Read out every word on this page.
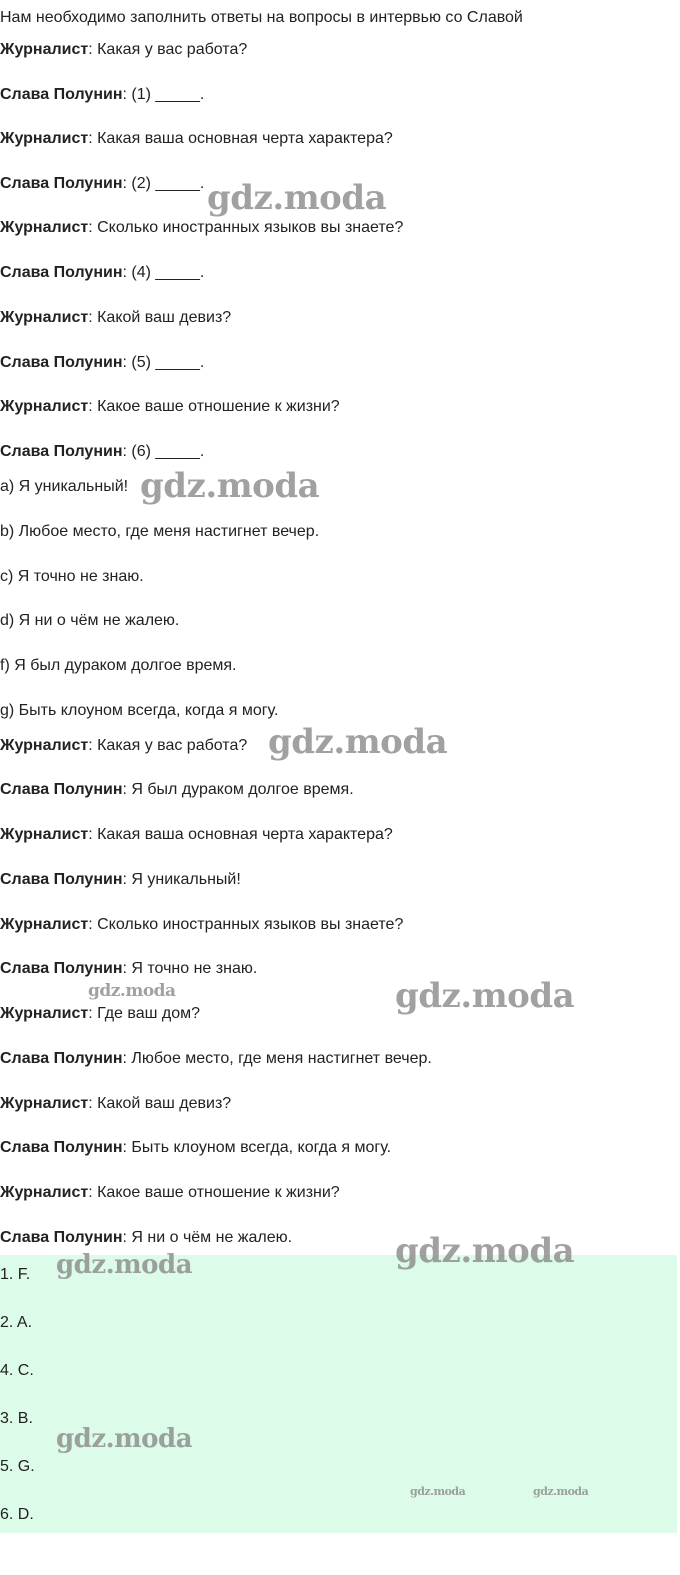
Нам необходимо заполнить ответы на вопросы в интервью со Славой
Журналист: Какая у вас работа?
Слава Полунин: (1) _____.
Журналист: Какая ваша основная черта характера?
Слава Полунин: (2) _____.
Журналист: Сколько иностранных языков вы знаете?
Слава Полунин: (4) _____.
Журналист: Какой ваш девиз?
Слава Полунин: (5) _____.
Журналист: Какое ваше отношение к жизни?
Слава Полунин: (6) _____.
a) Я уникальный!
b) Любое место, где меня настигнет вечер.
c) Я точно не знаю.
d) Я ни о чём не жалею.
f) Я был дураком долгое время.
g) Быть клоуном всегда, когда я могу.
Журналист: Какая у вас работа?
Слава Полунин: Я был дураком долгое время.
Журналист: Какая ваша основная черта характера?
Слава Полунин: Я уникальный!
Журналист: Сколько иностранных языков вы знаете?
Слава Полунин: Я точно не знаю.
Журналист: Где ваш дом?
Слава Полунин: Любое место, где меня настигнет вечер.
Журналист: Какой ваш девиз?
Слава Полунин: Быть клоуном всегда, когда я могу.
Журналист: Какое ваше отношение к жизни?
Слава Полунин: Я ни о чём не жалею.
1. F.
2. A.
4. C.
3. B.
5. G.
6. D.
gdz.moda
gdz.moda
gdz.moda
gdz.moda	gdz.moda
gdz.moda
gdz.moda
gdz.moda
gdz.moda	gdz.moda
